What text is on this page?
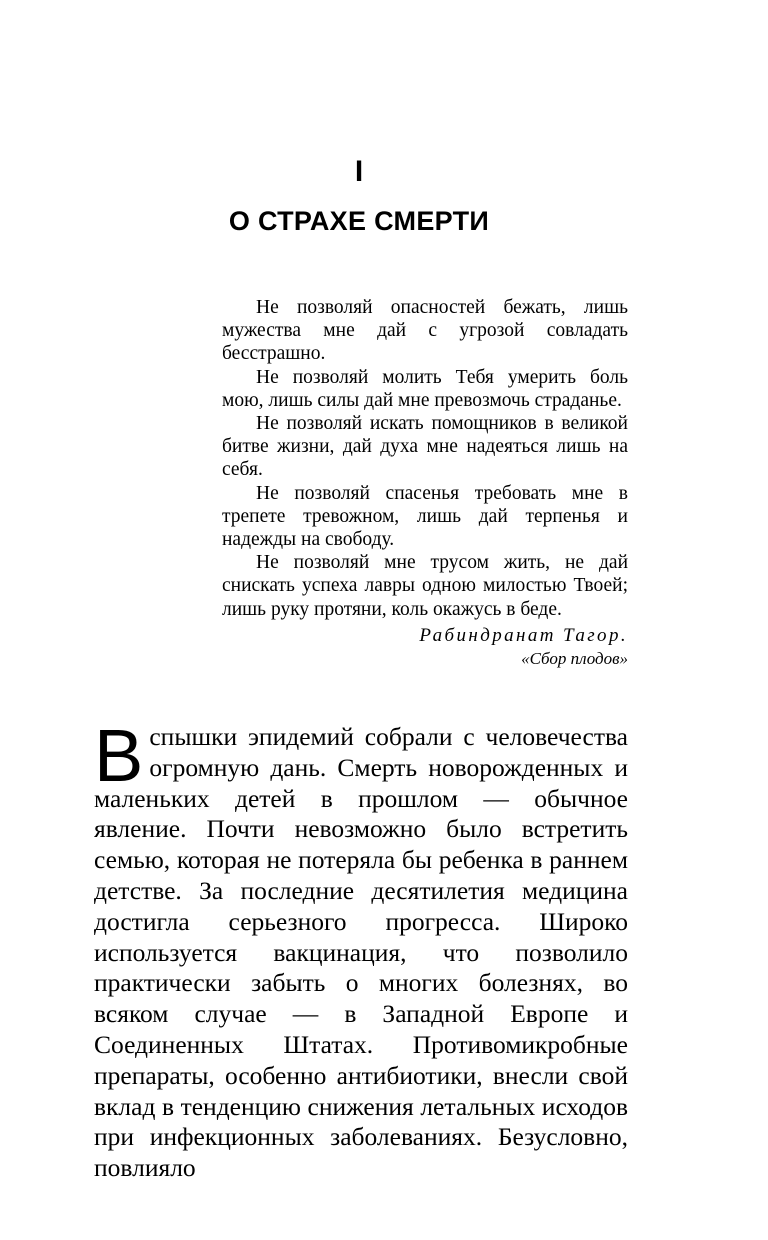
I
О СТРАХЕ СМЕРТИ

Не позволяй опасностей бежать, лишь мужества мне дай с угрозой совладать бесстрашно.

Не позволяй молить Тебя умерить боль мою, лишь силы дай мне превозмочь страданье.

Не позволяй искать помощников в великой битве жизни, дай духа мне надеяться лишь на себя.

Не позволяй спасенья требовать мне в трепете тревожном, лишь дай терпенья и надежды на свободу.

Не позволяй мне трусом жить, не дай снискать успеха лавры одною милостью Твоей; лишь руку протяни, коль окажусь в беде.

Рабиндранат Тагор.
«Сбор плодов»
В спышки эпидемий собрали с человечества огромную дань. Смерть новорожденных и маленьких детей в прошлом — обычное явление. Почти невозможно было встретить семью, которая не потеряла бы ребенка в раннем детстве. За последние десятилетия медицина достигла серьезного прогресса. Широко используется вакцинация, что позволило практически забыть о многих болезнях, во всяком случае — в Западной Европе и Соединенных Штатах. Противомикробные препараты, особенно антибиотики, внесли свой вклад в тенденцию снижения летальных исходов при инфекционных заболеваниях. Безусловно, повлияло
